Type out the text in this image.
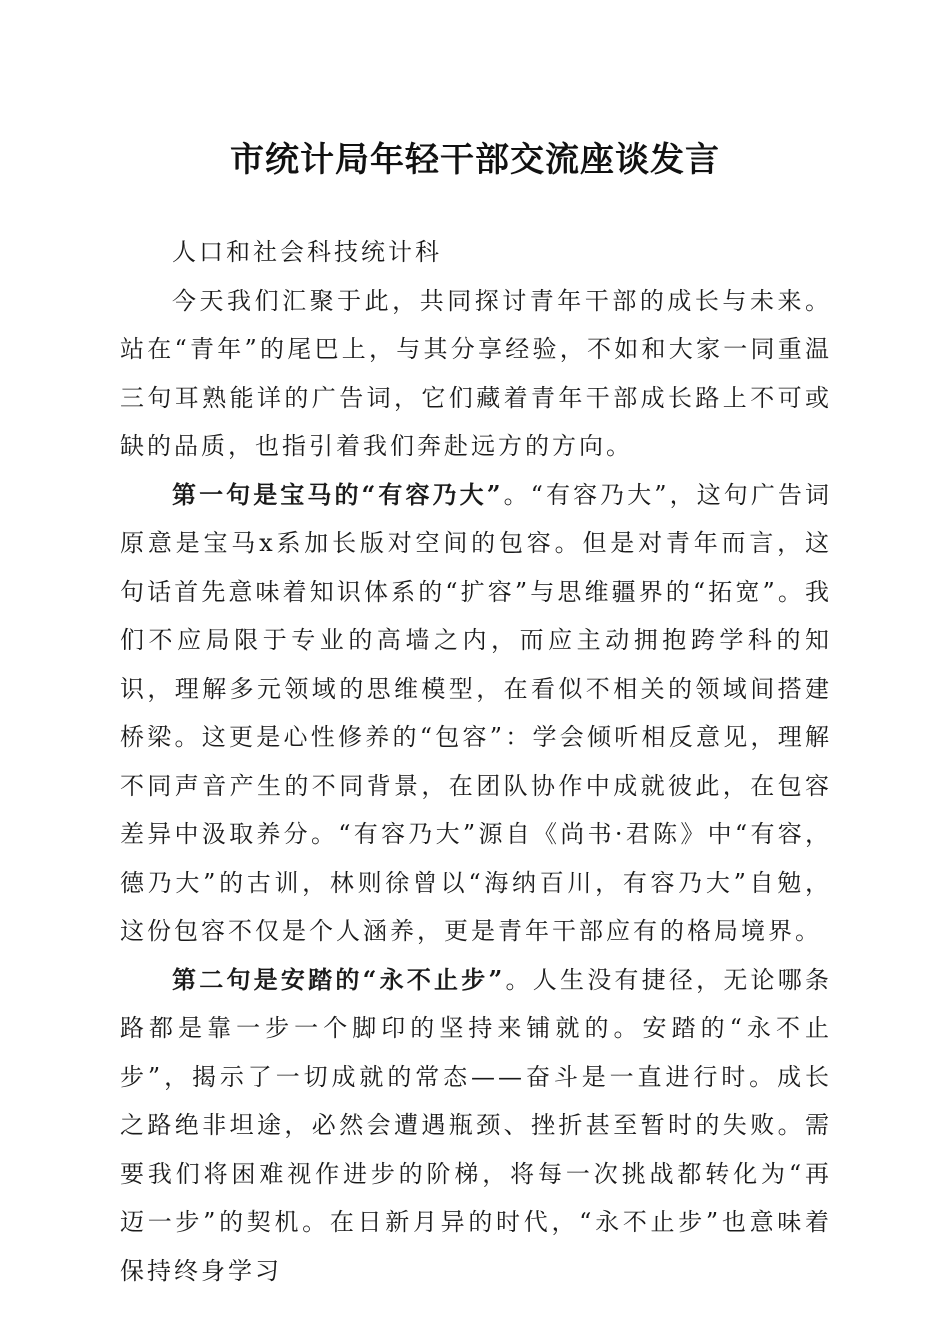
市统计局年轻干部交流座谈发言

人口和社会科技统计科

今天我们汇聚于此，共同探讨青年干部的成长与未来。站在“青年”的尾巴上，与其分享经验，不如和大家一同重温三句耳熟能详的广告词，它们藏着青年干部成长路上不可或缺的品质，也指引着我们奔赴远方的方向。

第一句是宝马的“有容乃大”。“有容乃大”，这句广告词原意是宝马x系加长版对空间的包容。但是对青年而言，这句话首先意味着知识体系的“扩容”与思维疆界的“拓宽”。我们不应局限于专业的高墙之内，而应主动拥抱跨学科的知识，理解多元领域的思维模型，在看似不相关的领域间搭建桥梁。这更是心性修养的“包容”：学会倾听相反意见，理解不同声音产生的不同背景，在团队协作中成就彼此，在包容差异中汲取养分。“有容乃大”源自《尚书·君陈》中“有容，德乃大”的古训，林则徐曾以“海纳百川，有容乃大”自勉，这份包容不仅是个人涵养，更是青年干部应有的格局境界。

第二句是安踏的“永不止步”。人生没有捷径，无论哪条路都是靠一步一个脚印的坚持来铺就的。安踏的“永不止步”，揭示了一切成就的常态——奋斗是一直进行时。成长之路绝非坦途，必然会遭遇瓶颈、挫折甚至暂时的失败。需要我们将困难视作进步的阶梯，将每一次挑战都转化为“再迈一步”的契机。在日新月异的时代，“永不止步”也意味着保持终身学习
